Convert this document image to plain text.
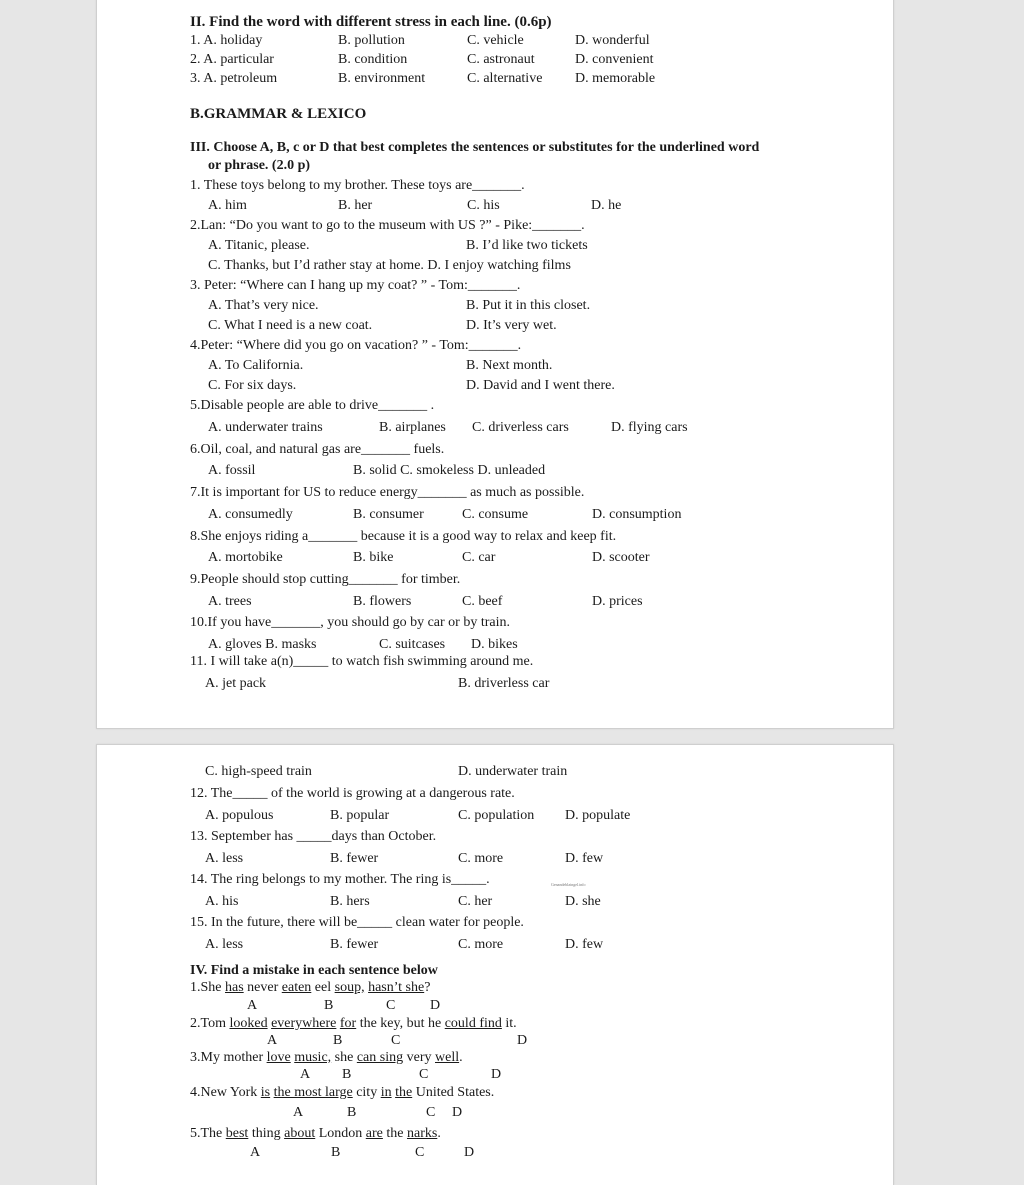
II. Find the word with different stress in each line. (0.6p)
1. A. holiday	B. pollution	C. vehicle	D. wonderful
2. A. particular	B. condition	C. astronaut	D. convenient
3. A. petroleum	B. environment	C. alternative D. memorable
B.GRAMMAR & LEXICO
III. Choose A, B, c or D that best completes the sentences or substitutes for the underlined word
or phrase. (2.0 p)
1. These toys belong to my brother. These toys are_______.
A. him	B. her	C. his	D. he
2.Lan: “Do you want to go to the museum with US ?” - Pike:_______.
A. Titanic, please.	B. I’d like two tickets
C. Thanks, but I’d rather stay at home. D. I enjoy watching films
3. Peter: “Where can I hang up my coat? ” - Tom:_______.
A. That’s very nice.	B. Put it in this closet.
C. What I need is a new coat.	D. It’s very wet.
4.Peter: “Where did you go on vacation? ” - Tom:_______.
A. To California.	B. Next month.
C. For six days.	D. David and I went there.
5.Disable people are able to drive_______ .
A. underwater trains	B. airplanes C. driverless cars	D. flying cars
6.Oil, coal, and natural gas are_______ fuels.
A. fossil	B. solid C. smokeless D. unleaded
7.It is important for US to reduce energy_______ as much as possible.
A. consumedly	B. consumer	C. consume	D. consumption
8.She enjoys riding a_______ because it is a good way to relax and keep fit.
A. mortobike	B. bike	C. car	D. scooter
9.People should stop cutting_______ for timber.
A. trees	B. flowers	C. beef	D. prices
10.If you have_______, you should go by car or by train.
A. gloves B. masks	C. suitcases D. bikes
11. I will take a(n)_____ to watch fish swimming around me.
A. jet pack	B. driverless car
C. high-speed train	D. underwater train
12. The_____ of the world is growing at a dangerous rate.
A. populous	B. popular	C. population D. populate
13. September has _____days than October.
A. less	B. fewer	C. more	D. few
14. The ring belongs to my mother. The ring is_____.	Genandeblaingel.info
A. his	B. hers	C. her	D. she
15. In the future, there will be_____ clean water for people.
A. less	B. fewer	C. more	D. few
IV. Find a mistake in each sentence below
1.She has never eaten eel soup, hasn’t she?
A	B	C D
2.Tom looked everywhere for the key, but he could find it.
A	B	C	D
3.My mother love music, she can sing very well.
A B	C	D
4.New York is the most large city in the United States.
A	B	C D
5.The best thing about London are the narks.
A	B	C	D
